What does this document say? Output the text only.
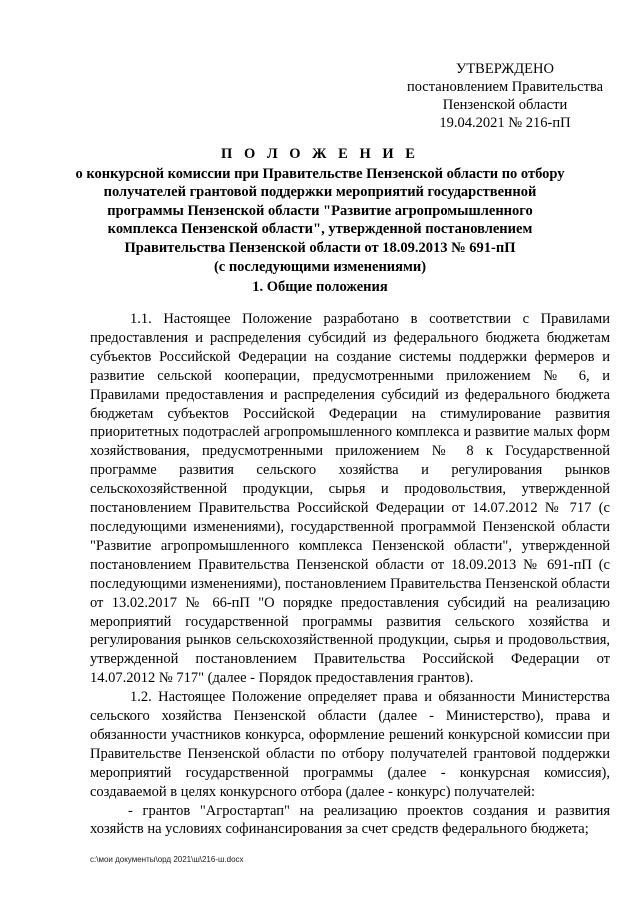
УТВЕРЖДЕНО
постановлением Правительства
Пензенской области
19.04.2021 № 216-пП
П О Л О Ж Е Н И Е
о конкурсной комиссии при Правительстве Пензенской области по отбору
получателей грантовой поддержки мероприятий государственной
программы Пензенской области "Развитие агропромышленного
комплекса Пензенской области", утвержденной постановлением
Правительства Пензенской области от 18.09.2013 № 691-пП
(с последующими изменениями)
1. Общие положения

1.1. Настоящее Положение разработано в соответствии с Правилами предоставления и распределения субсидий из федерального бюджета бюджетам субъектов Российской Федерации на создание системы поддержки фермеров и развитие сельской кооперации, предусмотренными приложением № 6, и Правилами предоставления и распределения субсидий из федерального бюджета бюджетам субъектов Российской Федерации на стимулирование развития приоритетных подотраслей агропромышленного комплекса и развитие малых форм хозяйствования, предусмотренными приложением № 8 к Государственной программе развития сельского хозяйства и регулирования рынков сельскохозяйственной продукции, сырья и продовольствия, утвержденной постановлением Правительства Российской Федерации от 14.07.2012 № 717 (с последующими изменениями), государственной программой Пензенской области "Развитие агропромышленного комплекса Пензенской области", утвержденной постановлением Правительства Пензенской области от 18.09.2013 № 691-пП (с последующими изменениями), постановлением Правительства Пензенской области от 13.02.2017 № 66-пП "О порядке предоставления субсидий на реализацию мероприятий государственной программы развития сельского хозяйства и регулирования рынков сельскохозяйственной продукции, сырья и продовольствия, утвержденной постановлением Правительства Российской Федерации от 14.07.2012 № 717" (далее - Порядок предоставления грантов).

1.2. Настоящее Положение определяет права и обязанности Министерства сельского хозяйства Пензенской области (далее - Министерство), права и обязанности участников конкурса, оформление решений конкурсной комиссии при Правительстве Пензенской области по отбору получателей грантовой поддержки мероприятий государственной программы (далее - конкурсная комиссия), создаваемой в целях конкурсного отбора (далее - конкурс) получателей:

- грантов "Агростартап" на реализацию проектов создания и развития хозяйств на условиях софинансирования за счет средств федерального бюджета;

c:\мои документы\орд 2021\ш\216-ш.docx
